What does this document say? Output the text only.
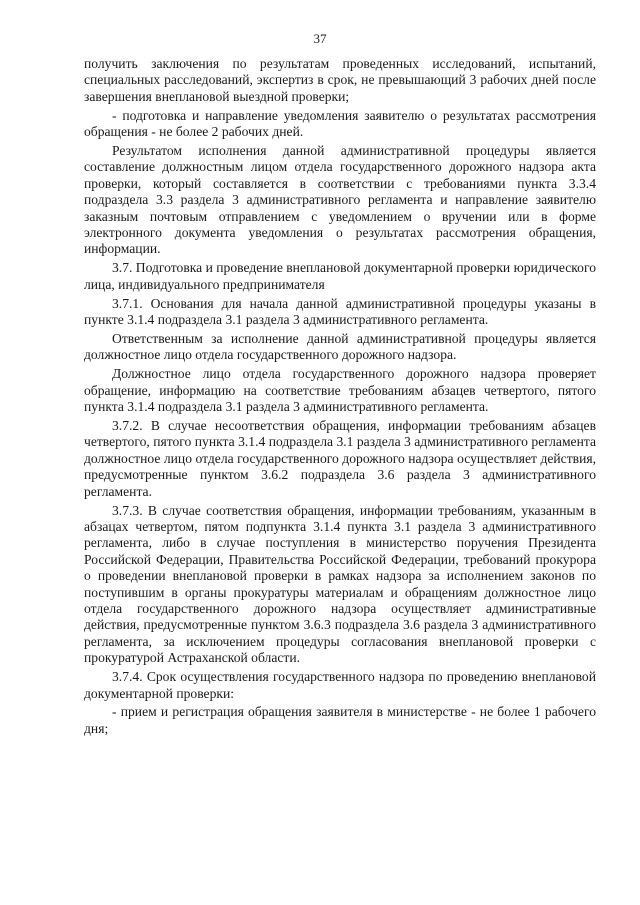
37

получить заключения по результатам проведенных исследований, испытаний, специальных расследований, экспертиз в срок, не превышающий 3 рабочих дней после завершения внеплановой выездной проверки;

- подготовка и направление уведомления заявителю о результатах рассмотрения обращения - не более 2 рабочих дней.

Результатом исполнения данной административной процедуры является составление должностным лицом отдела государственного дорожного надзора акта проверки, который составляется в соответствии с требованиями пункта 3.3.4 подраздела 3.3 раздела 3 административного регламента и направление заявителю заказным почтовым отправлением с уведомлением о вручении или в форме электронного документа уведомления о результатах рассмотрения обращения, информации.

3.7. Подготовка и проведение внеплановой документарной проверки юридического лица, индивидуального предпринимателя

3.7.1. Основания для начала данной административной процедуры указаны в пункте 3.1.4 подраздела 3.1 раздела 3 административного регламента.

Ответственным за исполнение данной административной процедуры является должностное лицо отдела государственного дорожного надзора.

Должностное лицо отдела государственного дорожного надзора проверяет обращение, информацию на соответствие требованиям абзацев четвертого, пятого пункта 3.1.4 подраздела 3.1 раздела 3 административного регламента.

3.7.2. В случае несоответствия обращения, информации требованиям абзацев четвертого, пятого пункта 3.1.4 подраздела 3.1 раздела 3 административного регламента должностное лицо отдела государственного дорожного надзора осуществляет действия, предусмотренные пунктом 3.6.2 подраздела 3.6 раздела 3 административного регламента.

3.7.3. В случае соответствия обращения, информации требованиям, указанным в абзацах четвертом, пятом подпункта 3.1.4 пункта 3.1 раздела 3 административного регламента, либо в случае поступления в министерство поручения Президента Российской Федерации, Правительства Российской Федерации, требований прокурора о проведении внеплановой проверки в рамках надзора за исполнением законов по поступившим в органы прокуратуры материалам и обращениям должностное лицо отдела государственного дорожного надзора осуществляет административные действия, предусмотренные пунктом 3.6.3 подраздела 3.6 раздела 3 административного регламента, за исключением процедуры согласования внеплановой проверки с прокуратурой Астраханской области.

3.7.4. Срок осуществления государственного надзора по проведению внеплановой документарной проверки:

- прием и регистрация обращения заявителя в министерстве - не более 1 рабочего дня;
